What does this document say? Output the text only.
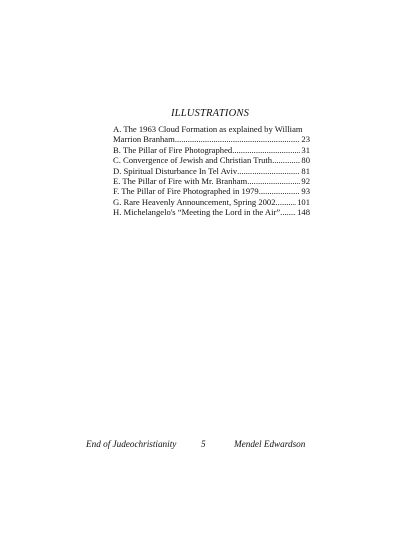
ILLUSTRATIONS
A. The 1963 Cloud Formation as explained by William
Marrion Branham .....	23
B. The Pillar of Fire Photographed .....	31
C. Convergence of Jewish and Christian Truth .....	80
D. Spiritual Disturbance In Tel Aviv .....	81
E. The Pillar of Fire with Mr. Branham .....	92
F. The Pillar of Fire Photographed in 1979 .....	93
G. Rare Heavenly Announcement, Spring 2002 .....	101
H. Michelangelo's “Meeting the Lord in the Air” ..... 148
End of Judeochristianity	5	Mendel Edwardson
